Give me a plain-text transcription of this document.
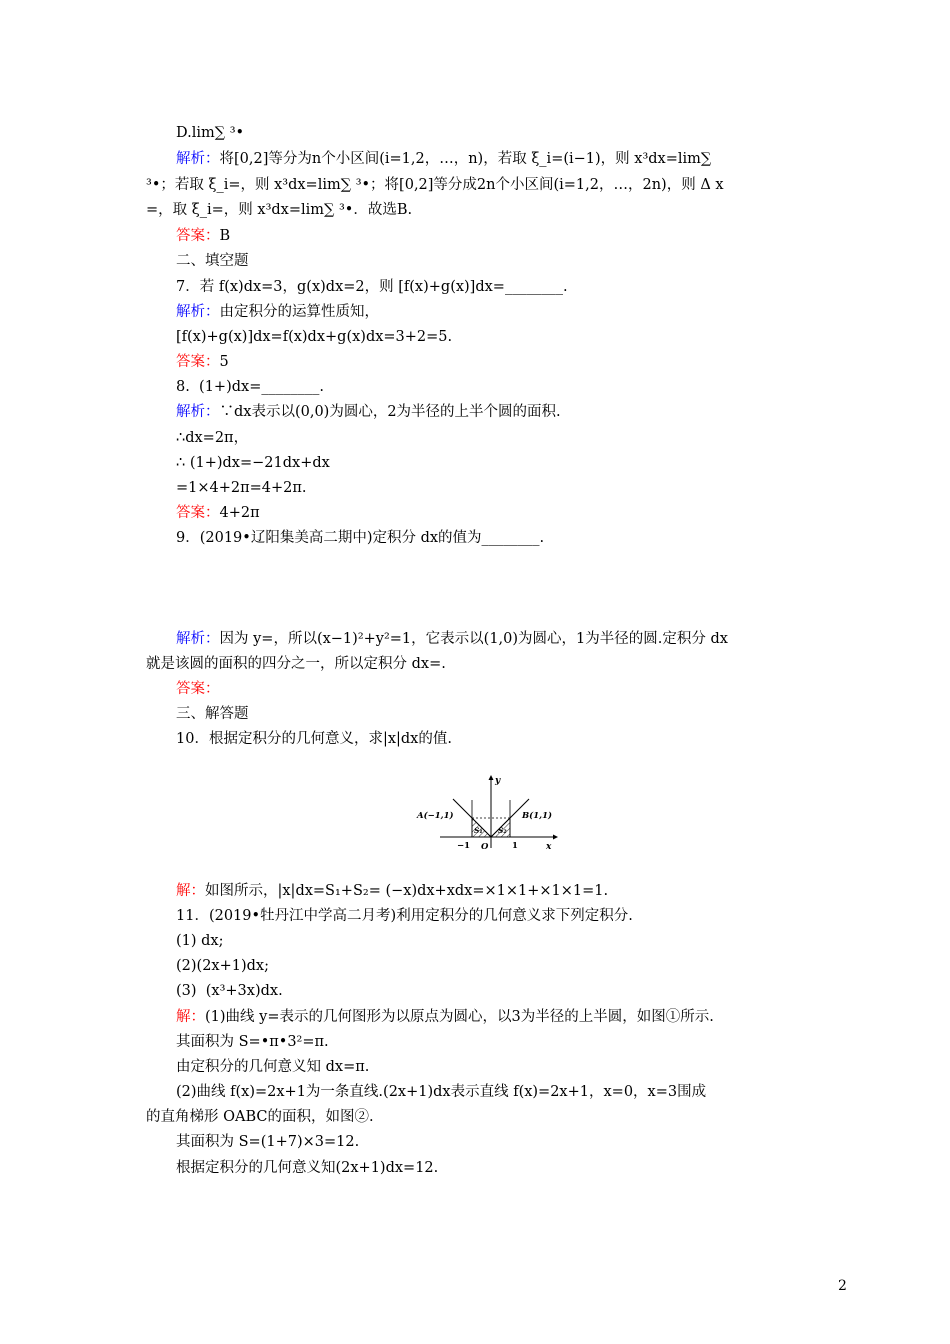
D.lim∑ ³•
解析：将[0,2]等分为n个小区间(i=1,2，…，n)，若取 ξ_i=(i−1)，则 x³dx=lim∑
³•；若取 ξ_i=，则 x³dx=lim∑ ³•；将[0,2]等分成2n个小区间(i=1,2，…，2n)，则 Δ x
=，取 ξ_i=，则 x³dx=lim∑ ³•．故选B.
答案：B
二、填空题
7．若 f(x)dx=3，g(x)dx=2，则 [f(x)+g(x)]dx=________.
解析：由定积分的运算性质知，
[f(x)+g(x)]dx=f(x)dx+g(x)dx=3+2=5.
答案：5
8.  (1+)dx=________.
解析：∵dx表示以(0,0)为圆心，2为半径的上半个圆的面积.
∴dx=2π，
∴ (1+)dx=−21dx+dx
=1×4+2π=4+2π.
答案：4+2π
9．(2019•辽阳集美高二期中)定积分 dx的值为________.
解析：因为 y=，所以(x−1)²+y²=1，它表示以(1,0)为圆心，1为半径的圆.定积分 dx
就是该圆的面积的四分之一，所以定积分 dx=.
答案：
三、解答题
10．根据定积分的几何意义，求|x|dx的值.
y
x
A(−1,1)	B(1,1)
S₁ S₂
O
−1	1
解：如图所示，|x|dx=S₁+S₂= (−x)dx+xdx=×1×1+×1×1=1.
11．(2019•牡丹江中学高二月考)利用定积分的几何意义求下列定积分.
(1) dx;
(2)(2x+1)dx;
(3)  (x³+3x)dx.
解：(1)曲线 y=表示的几何图形为以原点为圆心，以3为半径的上半圆，如图①所示.
其面积为 S=•π•3²=π.
由定积分的几何意义知 dx=π.
(2)曲线 f(x)=2x+1为一条直线.(2x+1)dx表示直线 f(x)=2x+1，x=0，x=3围成
的直角梯形 OABC的面积，如图②.
其面积为 S=(1+7)×3=12.
根据定积分的几何意义知(2x+1)dx=12.
2
